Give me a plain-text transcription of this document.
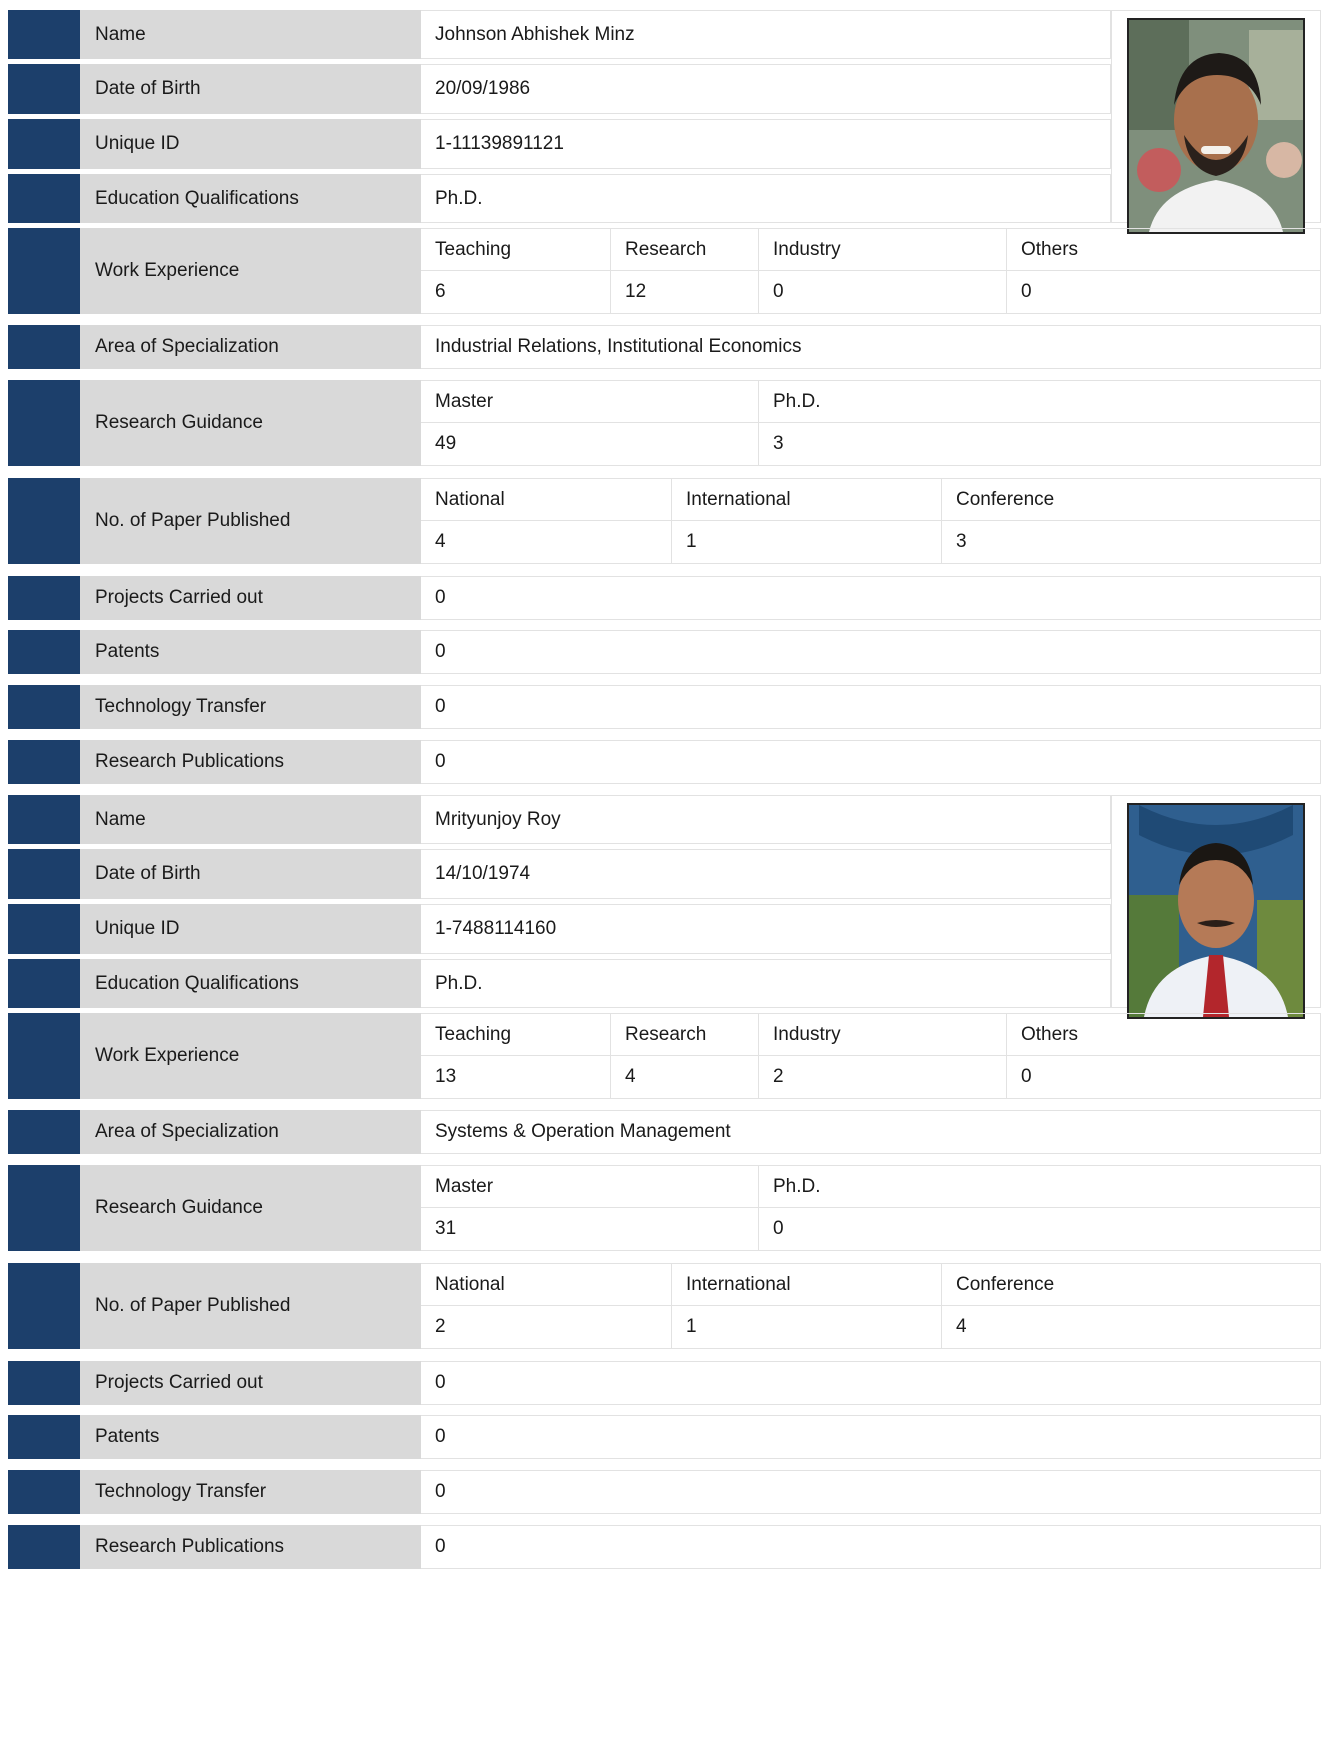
Name	Johnson Abhishek Minz
Date of Birth	20/09/1986
Unique ID	1-11139891121
Education Qualifications	Ph.D.
Work Experience
Teaching	Research	Industry	Others
6	12	0	0
Area of Specialization	Industrial Relations, Institutional Economics
Research Guidance
Master	Ph.D.
49	3
No. of Paper Published
National	International	Conference
4	1	3
Projects Carried out	0
Patents	0
Technology Transfer	0
Research Publications	0
Name	Mrityunjoy Roy
Date of Birth	14/10/1974
Unique ID	1-7488114160
Education Qualifications	Ph.D.
Work Experience
Teaching	Research	Industry	Others
13	4	2	0
Area of Specialization	Systems & Operation Management
Research Guidance
Master	Ph.D.
31	0
No. of Paper Published
National	International	Conference
2	1	4
Projects Carried out	0
Patents	0
Technology Transfer	0
Research Publications	0
